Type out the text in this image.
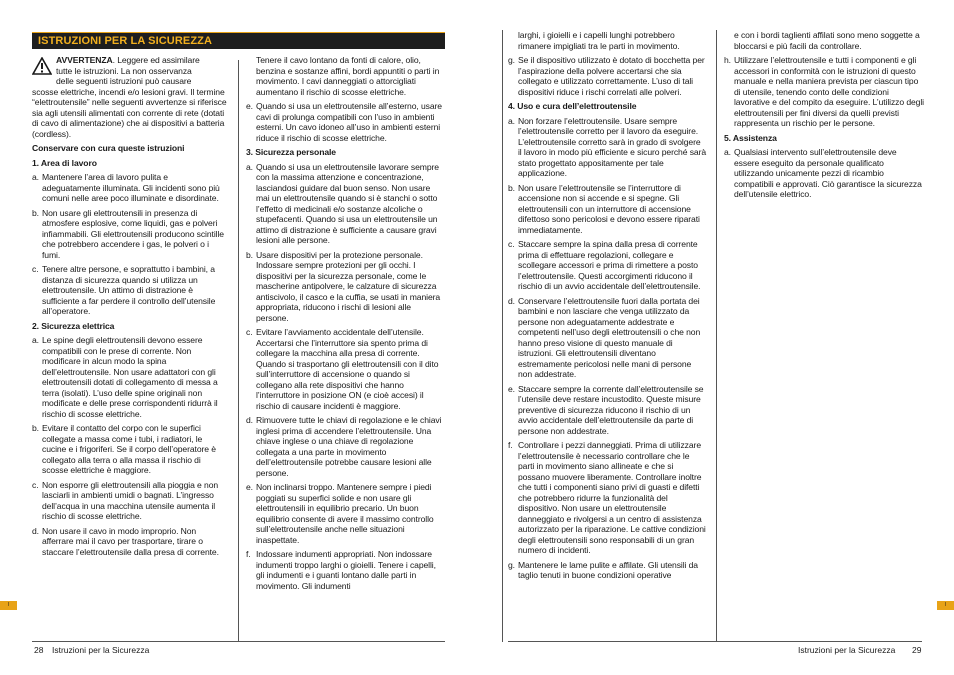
ISTRUZIONI PER LA SICUREZZA
AVVERTENZA. Leggere ed assimilare
tutte le istruzioni. La non osservanza
delle seguenti istruzioni può causare

scosse elettriche, incendi e/o lesioni gravi. Il termine “elettroutensile” nelle seguenti avvertenze si riferisce sia agli utensili alimentati con corrente di rete (dotati di cavo di alimentazione) che ai dispositivi a batteria (cordless).

Conservare con cura queste istruzioni
1. Area di lavoro
a. Mantenere l’area di lavoro pulita e adeguatamente illuminata. Gli incidenti sono più comuni nelle aree poco illuminate e disordinate.
b. Non usare gli elettroutensili in presenza di atmosfere esplosive, come liquidi, gas e polveri infiammabili. Gli elettroutensili producono scintille che potrebbero accendere i gas, le polveri o i fumi.
c. Tenere altre persone, e soprattutto i bambini, a distanza di sicurezza quando si utilizza un elettroutensile. Un attimo di distrazione è sufficiente a far perdere il controllo dell’utensile all’operatore.
2. Sicurezza elettrica
a. Le spine degli elettroutensili devono essere compatibili con le prese di corrente. Non modificare in alcun modo la spina dell’elettroutensile. Non usare adattatori con gli elettroutensili dotati di collegamento di messa a terra (isolati). L’uso delle spine originali non modificate e delle prese corrispondenti ridurrà il rischio di scosse elettriche.
b. Evitare il contatto del corpo con le superfici collegate a massa come i tubi, i radiatori, le cucine e i frigoriferi. Se il corpo dell’operatore è collegato alla terra o alla massa il rischio di scosse elettriche è maggiore.
c. Non esporre gli elettroutensili alla pioggia e non lasciarli in ambienti umidi o bagnati. L’ingresso dell’acqua in una macchina utensile aumenta il rischio di scosse elettriche.
d. Non usare il cavo in modo improprio. Non afferrare mai il cavo per trasportare, tirare o staccare l’elettroutensile dalla presa di corrente.
Tenere il cavo lontano da fonti di calore, olio, benzina e sostanze affini, bordi appuntiti o parti in movimento. I cavi danneggiati o attorcigliati aumentano il rischio di scosse elettriche.
e. Quando si usa un elettroutensile all’esterno, usare cavi di prolunga compatibili con l’uso in ambienti esterni. Un cavo idoneo all’uso in ambienti esterni riduce il rischio di scosse elettriche.
3. Sicurezza personale
a. Quando si usa un elettroutensile lavorare sempre con la massima attenzione e concentrazione, lasciandosi guidare dal buon senso. Non usare mai un elettroutensile quando si è stanchi o sotto l’effetto di medicinali e/o sostanze alcoliche o stupefacenti. Quando si usa un elettroutensile un attimo di distrazione è sufficiente a causare gravi lesioni alle persone.
b. Usare dispositivi per la protezione personale. Indossare sempre protezioni per gli occhi. I dispositivi per la sicurezza personale, come le mascherine antipolvere, le calzature di sicurezza antiscivolo, il casco e la cuffia, se usati in maniera appropriata, riducono i rischi di lesioni alle persone.
c. Evitare l’avviamento accidentale dell’utensile. Accertarsi che l’interruttore sia spento prima di collegare la macchina alla presa di corrente. Quando si trasportano gli elettroutensili con il dito sull’interruttore di accensione o quando si collegano alla rete dispositivi che hanno l’interruttore in posizione ON (e cioè accesi) il rischio di causare incidenti è maggiore.
d. Rimuovere tutte le chiavi di regolazione e le chiavi inglesi prima di accendere l’elettroutensile. Una chiave inglese o una chiave di regolazione collegata a una parte in movimento dell’elettroutensile potrebbe causare lesioni alle persone.
e. Non inclinarsi troppo. Mantenere sempre i piedi poggiati su superfici solide e non usare gli elettroutensili in equilibrio precario. Un buon equilibrio consente di avere il massimo controllo sull’elettroutensile anche nelle situazioni inaspettate.
f. Indossare indumenti appropriati. Non indossare indumenti troppo larghi o gioielli. Tenere i capelli, gli indumenti e i guanti lontano dalle parti in movimento. Gli indumenti
larghi, i gioielli e i capelli lunghi potrebbero rimanere impigliati tra le parti in movimento.
g. Se il dispositivo utilizzato è dotato di bocchetta per l’aspirazione della polvere accertarsi che sia collegato e utilizzato correttamente. L’uso di tali dispositivi riduce i rischi correlati alle polveri.
4. Uso e cura dell’elettroutensile
a. Non forzare l’elettroutensile. Usare sempre l’elettroutensile corretto per il lavoro da eseguire. L’elettroutensile corretto sarà in grado di svolgere il lavoro in modo più efficiente e sicuro perché sarà stato progettato appositamente per tale applicazione.
b. Non usare l’elettroutensile se l’interruttore di accensione non si accende e si spegne. Gli elettroutensili con un interruttore di accensione difettoso sono pericolosi e devono essere riparati immediatamente.
c. Staccare sempre la spina dalla presa di corrente prima di effettuare regolazioni, collegare e scollegare accessori e prima di rimettere a posto l’elettroutensile. Questi accorgimenti riducono il rischio di un avvio accidentale dell’elettroutensile.
d. Conservare l’elettroutensile fuori dalla portata dei bambini e non lasciare che venga utilizzato da persone non adeguatamente addestrate e competenti nell’uso degli elettroutensili o che non hanno preso visione di questo manuale di istruzioni. Gli elettroutensili diventano estremamente pericolosi nelle mani di persone non addestrate.
e. Staccare sempre la corrente dall’elettroutensile se l’utensile deve restare incustodito. Queste misure preventive di sicurezza riducono il rischio di un avvio accidentale dell’elettroutensile da parte di persone non addestrate.
f. Controllare i pezzi danneggiati. Prima di utilizzare l’elettroutensile è necessario controllare che le parti in movimento siano allineate e che si possano muovere liberamente. Controllare inoltre che tutti i componenti siano privi di guasti e difetti che potrebbero ridurre la funzionalità del dispositivo. Non usare un elettroutensile danneggiato e rivolgersi a un centro di assistenza autorizzato per la riparazione. Le cattive condizioni degli elettroutensili sono responsabili di un gran numero di incidenti.
g. Mantenere le lame pulite e affilate. Gli utensili da taglio tenuti in buone condizioni operative
e con i bordi taglienti affilati sono meno soggette a bloccarsi e più facili da controllare.
h. Utilizzare l’elettroutensile e tutti i componenti e gli accessori in conformità con le istruzioni di questo manuale e nella maniera prevista per ciascun tipo di utensile, tenendo conto delle condizioni lavorative e del compito da eseguire. L’utilizzo degli elettroutensili per fini diversi da quelli previsti rappresenta un rischio per le persone.
5. Assistenza
a. Qualsiasi intervento sull’elettroutensile deve essere eseguito da personale qualificato utilizzando unicamente pezzi di ricambio compatibili e approvati. Ciò garantisce la sicurezza dell’utensile elettrico.
I	I
28 Istruzioni per la Sicurezza	Istruzioni per la Sicurezza 29
